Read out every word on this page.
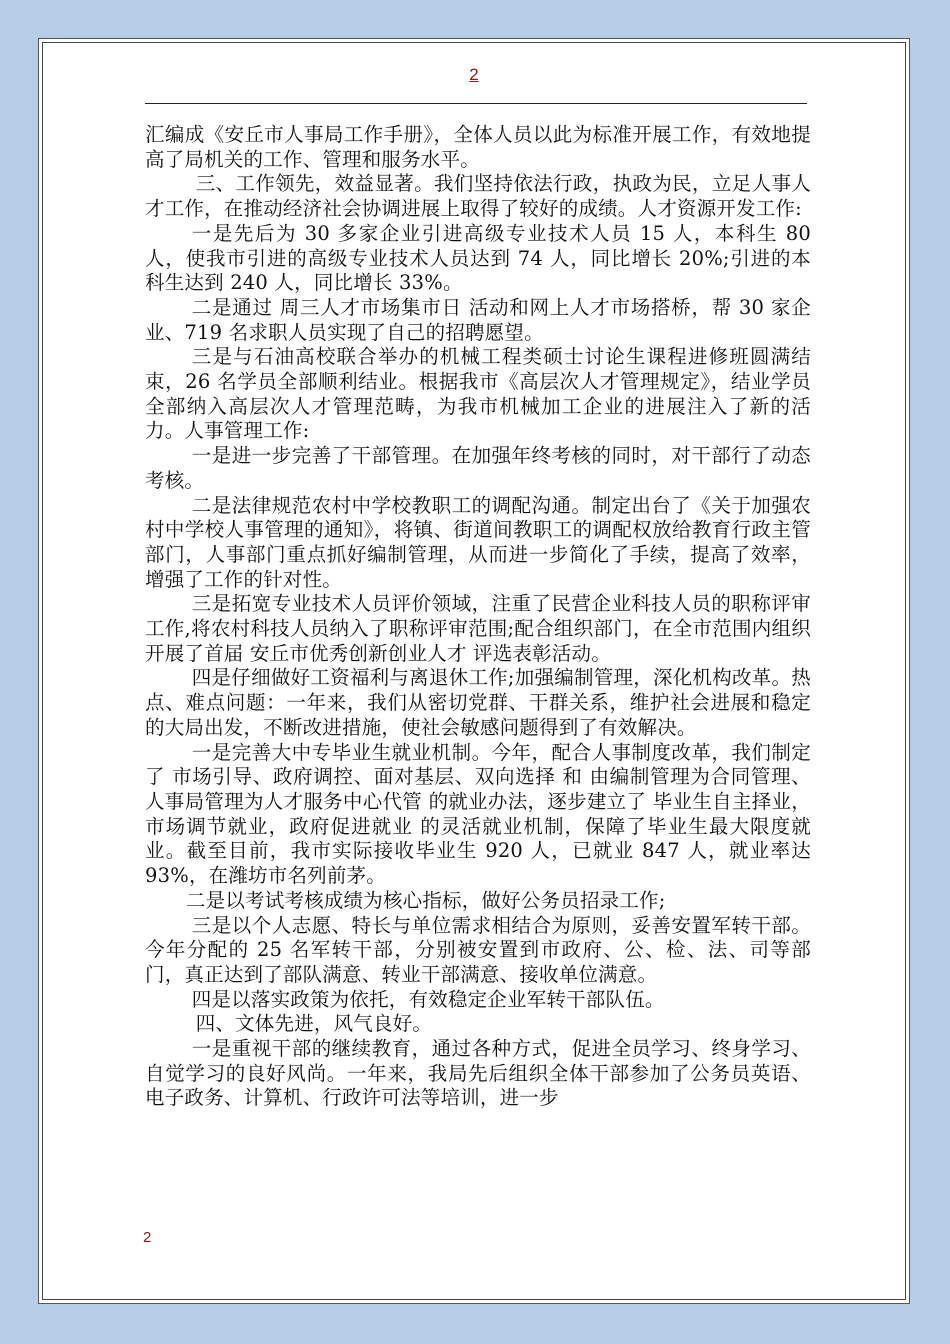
2

汇编成《安丘市人事局工作手册》，全体人员以此为标准开展工作，有效地提高了局机关的工作、管理和服务水平。

三、工作领先，效益显著。我们坚持依法行政，执政为民，立足人事人才工作，在推动经济社会协调进展上取得了较好的成绩。人才资源开发工作:

一是先后为 30 多家企业引进高级专业技术人员 15 人，本科生 80 人，使我市引进的高级专业技术人员达到 74 人，同比增长 20%;引进的本科生达到 240 人，同比增长 33%。

二是通过 周三人才市场集市日 活动和网上人才市场搭桥，帮 30 家企业、719 名求职人员实现了自己的招聘愿望。

三是与石油高校联合举办的机械工程类硕士讨论生课程进修班圆满结束，26 名学员全部顺利结业。根据我市《高层次人才管理规定》，结业学员全部纳入高层次人才管理范畴，为我市机械加工企业的进展注入了新的活力。人事管理工作:

一是进一步完善了干部管理。在加强年终考核的同时，对干部行了动态考核。

二是法律规范农村中学校教职工的调配沟通。制定出台了《关于加强农村中学校人事管理的通知》，将镇、街道间教职工的调配权放给教育行政主管部门，人事部门重点抓好编制管理，从而进一步简化了手续，提高了效率，增强了工作的针对性。

三是拓宽专业技术人员评价领域，注重了民营企业科技人员的职称评审工作,将农村科技人员纳入了职称评审范围;配合组织部门，在全市范围内组织开展了首届 安丘市优秀创新创业人才 评选表彰活动。

四是仔细做好工资福利与离退休工作;加强编制管理，深化机构改革。热点、难点问题：一年来，我们从密切党群、干群关系，维护社会进展和稳定的大局出发，不断改进措施，使社会敏感问题得到了有效解决。

一是完善大中专毕业生就业机制。今年，配合人事制度改革，我们制定了 市场引导、政府调控、面对基层、双向选择 和 由编制管理为合同管理、人事局管理为人才服务中心代管 的就业办法，逐步建立了 毕业生自主择业，市场调节就业，政府促进就业 的灵活就业机制，保障了毕业生最大限度就业。截至目前，我市实际接收毕业生 920 人，已就业 847 人，就业率达 93%，在潍坊市名列前茅。

二是以考试考核成绩为核心指标，做好公务员招录工作;

三是以个人志愿、特长与单位需求相结合为原则，妥善安置军转干部。今年分配的 25 名军转干部，分别被安置到市政府、公、检、法、司等部门，真正达到了部队满意、转业干部满意、接收单位满意。

四是以落实政策为依托，有效稳定企业军转干部队伍。

四、文体先进，风气良好。

一是重视干部的继续教育，通过各种方式，促进全员学习、终身学习、自觉学习的良好风尚。一年来，我局先后组织全体干部参加了公务员英语、电子政务、计算机、行政许可法等培训，进一步

2
